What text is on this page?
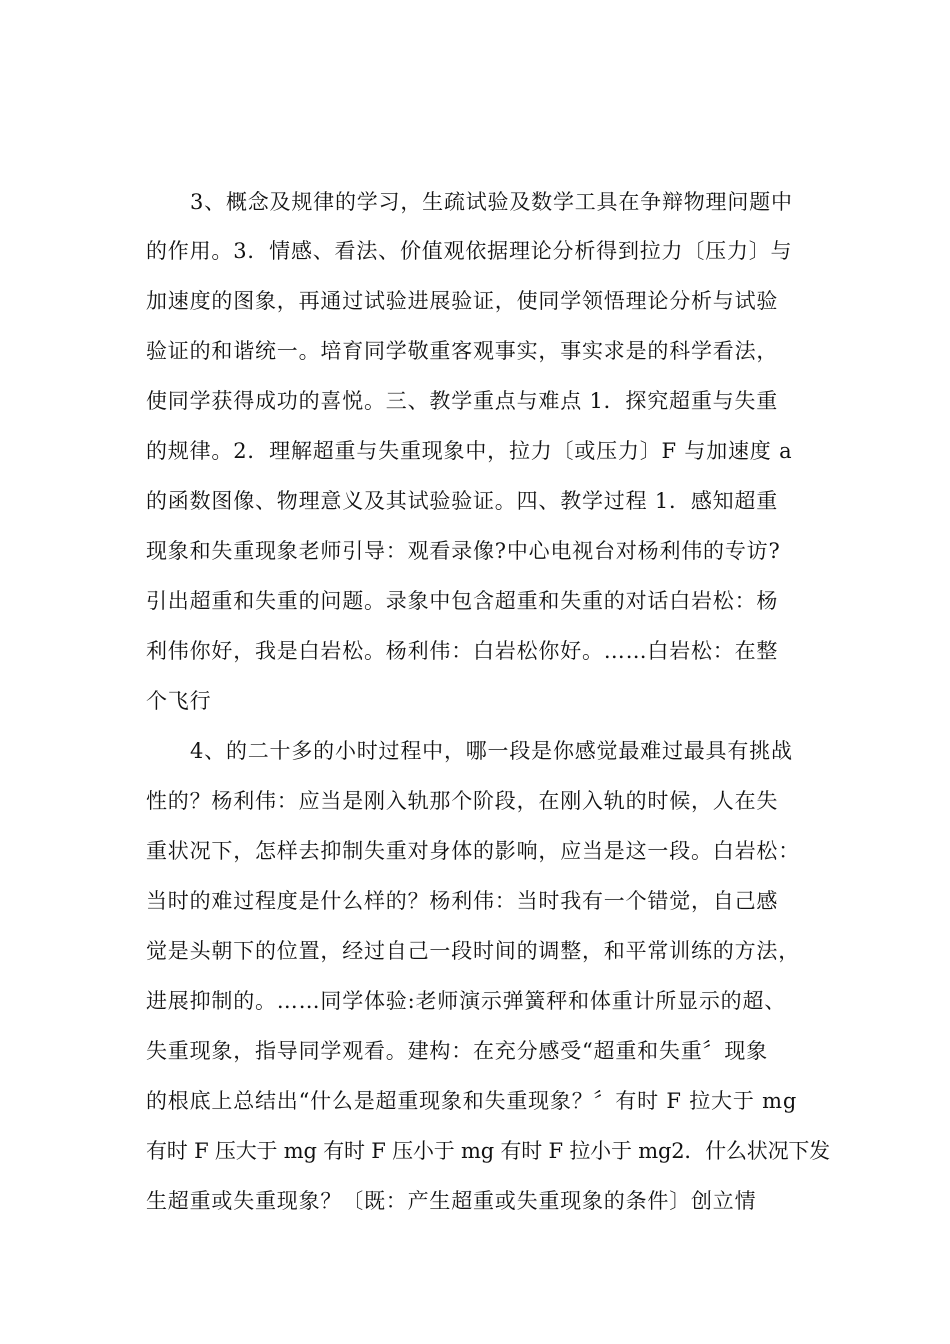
3、概念及规律的学习，生疏试验及数学工具在争辩物理问题中
的作用。3．情感、看法、价值观依据理论分析得到拉力〔压力〕与
加速度的图象，再通过试验进展验证，使同学领悟理论分析与试验
验证的和谐统一。培育同学敬重客观事实，事实求是的科学看法，
使同学获得成功的喜悦。三、教学重点与难点 1．探究超重与失重
的规律。2．理解超重与失重现象中，拉力〔或压力〕F 与加速度 a
的函数图像、物理意义及其试验验证。四、教学过程 1．感知超重
现象和失重现象老师引导：观看录像?中心电视台对杨利伟的专访?
引出超重和失重的问题。录象中包含超重和失重的对话白岩松：杨
利伟你好，我是白岩松。杨利伟：白岩松你好。……白岩松：在整
个飞行
4、的二十多的小时过程中，哪一段是你感觉最难过最具有挑战
性的？杨利伟：应当是刚入轨那个阶段，在刚入轨的时候，人在失
重状况下，怎样去抑制失重对身体的影响，应当是这一段。白岩松：
当时的难过程度是什么样的？杨利伟：当时我有一个错觉，自己感
觉是头朝下的位置，经过自己一段时间的调整，和平常训练的方法，
进展抑制的。……同学体验:老师演示弹簧秤和体重计所显示的超、
失重现象，指导同学观看。建构：在充分感受“超重和失重〞现象
的根底上总结出“什么是超重现象和失重现象？〞有时 F 拉大于 mg
有时 F 压大于 mg 有时 F 压小于 mg 有时 F 拉小于 mg2．什么状况下发
生超重或失重现象？〔既：产生超重或失重现象的条件〕创立情
